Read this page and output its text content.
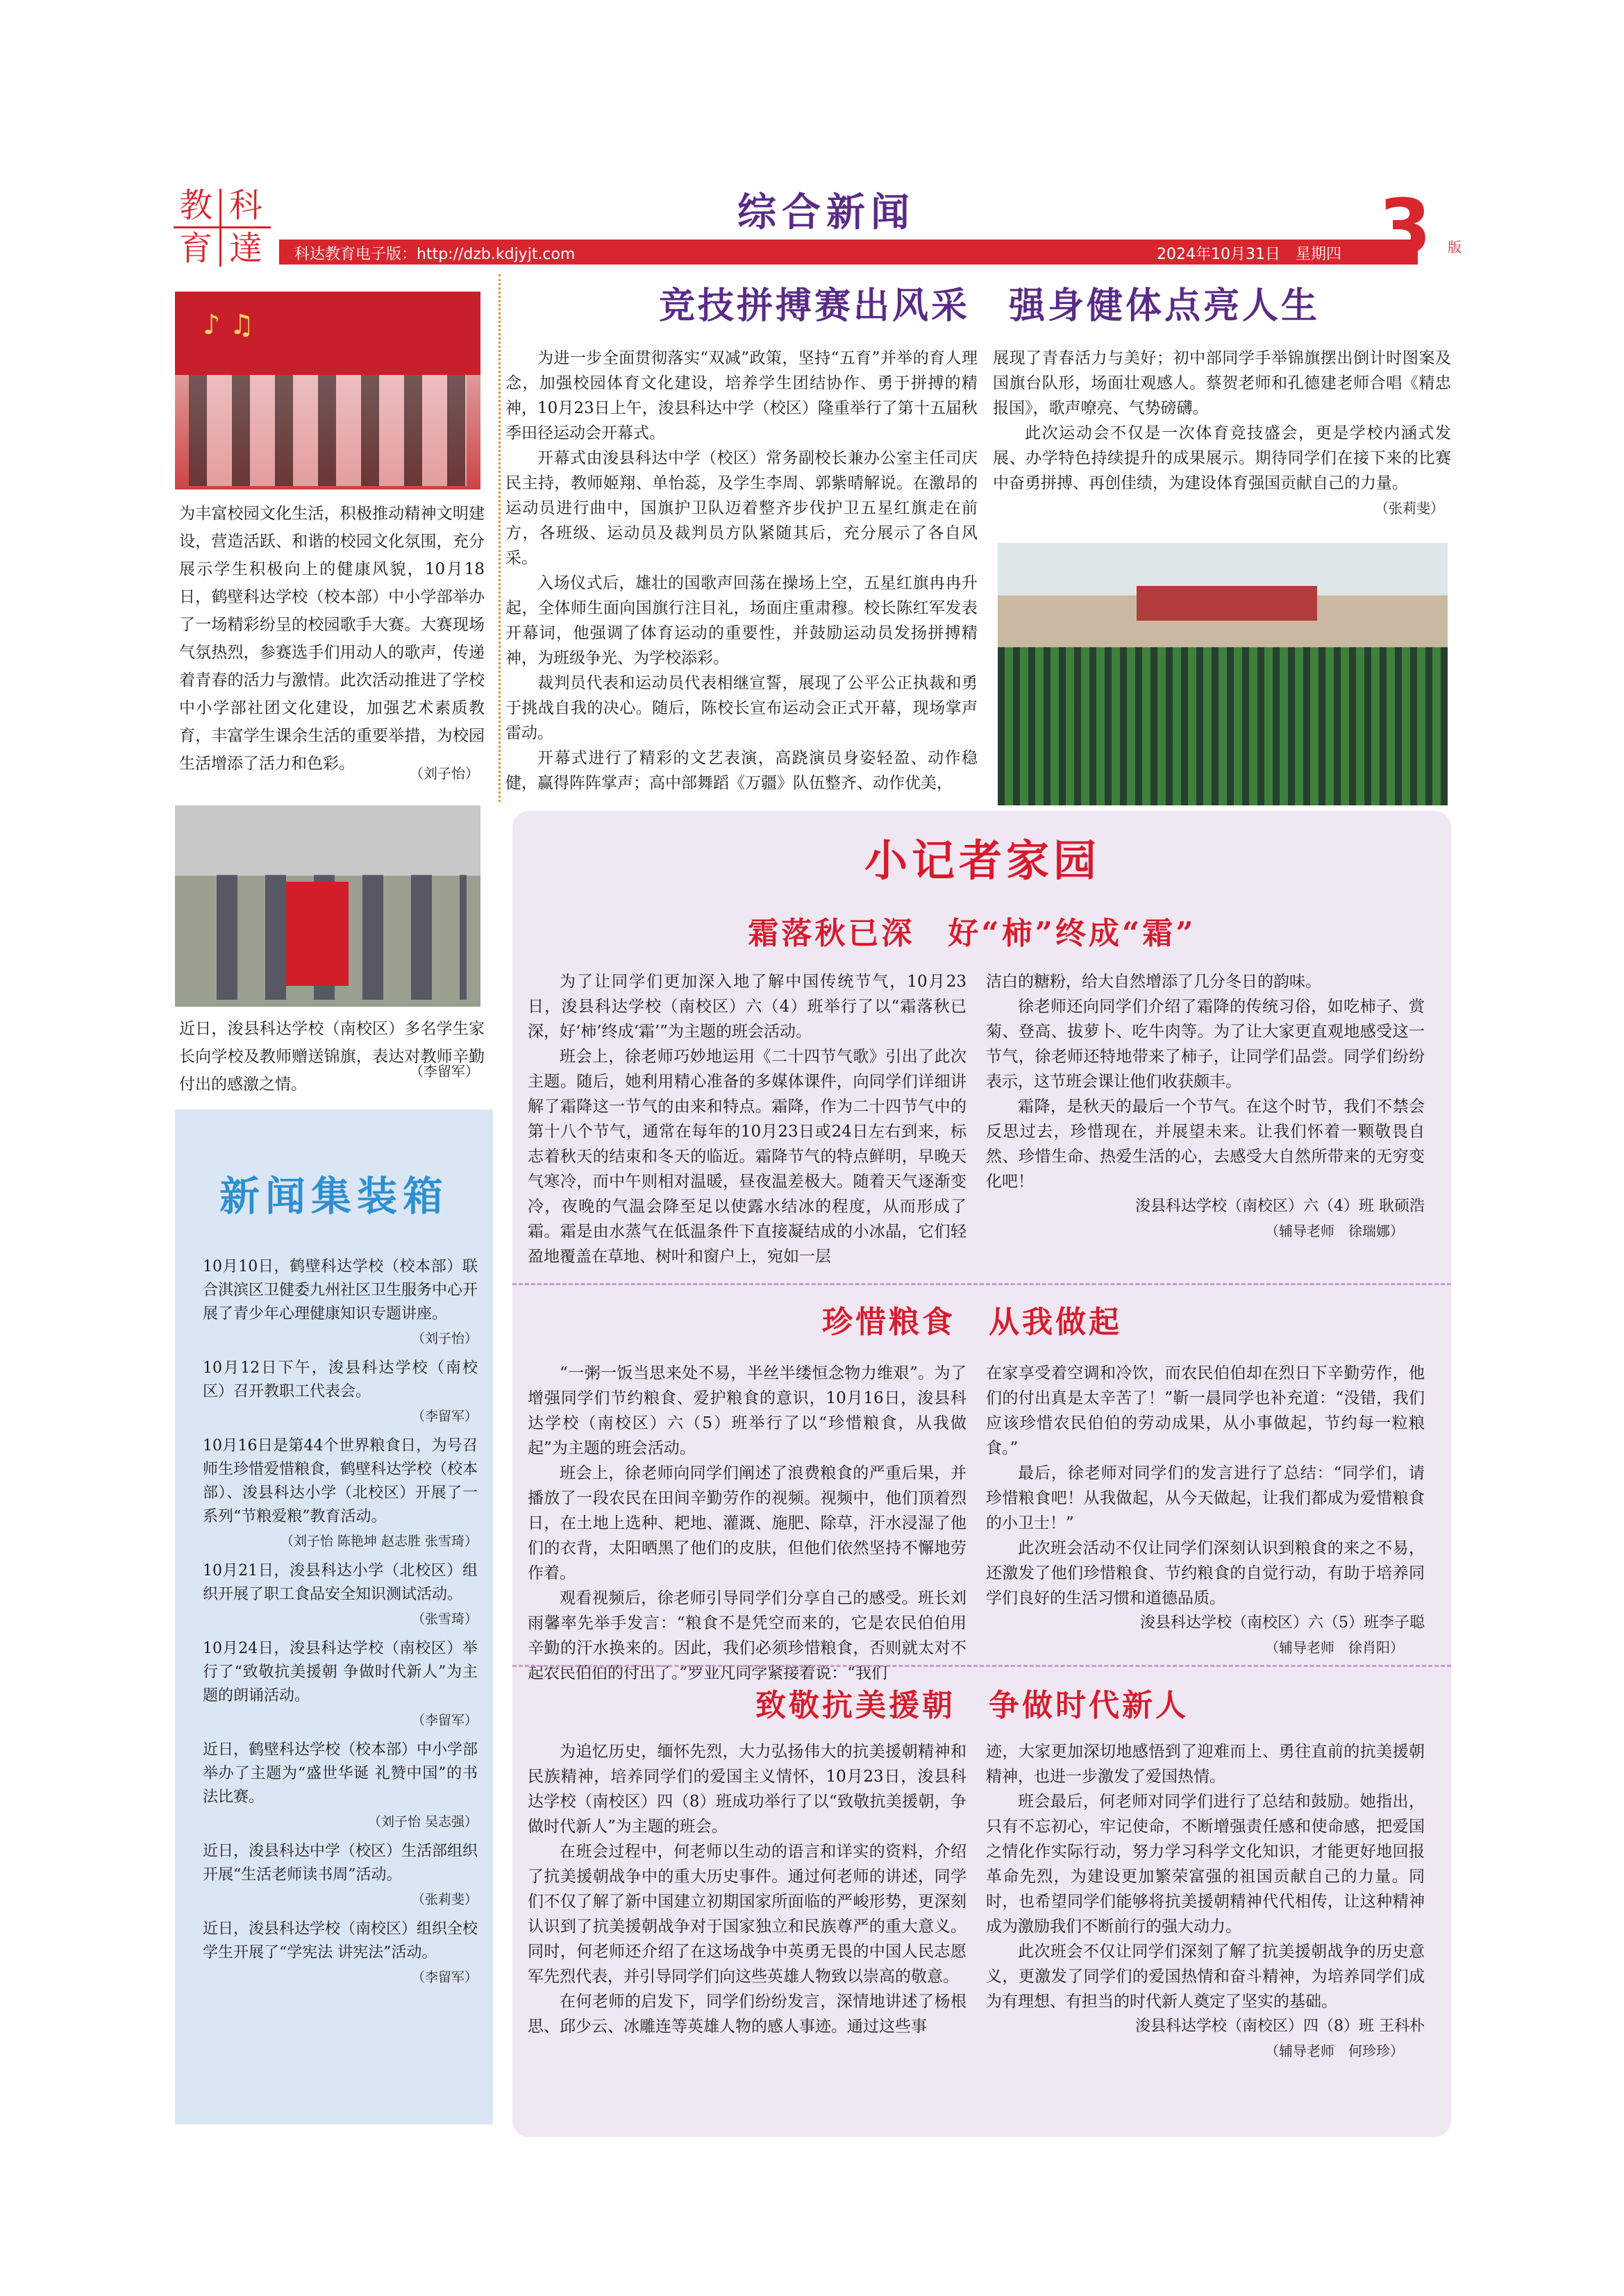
教 科
育 達
综合新闻
科达教育电子版：http://dzb.kdjyjt.com	2024年10月31日　星期四 3 版
♪ ♫
为丰富校园文化生活，积极推动精神文明建设，营造活跃、和谐的校园文化氛围，充分展示学生积极向上的健康风貌，10月18日，鹤壁科达学校（校本部）中小学部举办了一场精彩纷呈的校园歌手大赛。大赛现场气氛热烈，参赛选手们用动人的歌声，传递着青春的活力与激情。此次活动推进了学校中小学部社团文化建设，加强艺术素质教育，丰富学生课余生活的重要举措，为校园生活增添了活力和色彩。
（刘子怡）
近日，浚县科达学校（南校区）多名学生家长向学校及教师赠送锦旗，表达对教师辛勤付出的感激之情。
（李留军）
新闻集装箱
10月10日，鹤壁科达学校（校本部）联合淇滨区卫健委九州社区卫生服务中心开展了青少年心理健康知识专题讲座。
（刘子怡）
10月12日下午，浚县科达学校（南校区）召开教职工代表会。
（李留军）
10月16日是第44个世界粮食日，为号召师生珍惜爱惜粮食，鹤壁科达学校（校本部）、浚县科达小学（北校区）开展了一系列“节粮爱粮”教育活动。
（刘子怡 陈艳坤 赵志胜 张雪琦）
10月21日，浚县科达小学（北校区）组织开展了职工食品安全知识测试活动。
（张雪琦）
10月24日，浚县科达学校（南校区）举行了“致敬抗美援朝 争做时代新人”为主题的朗诵活动。
（李留军）
近日，鹤壁科达学校（校本部）中小学部举办了主题为“盛世华诞 礼赞中国”的书法比赛。
（刘子怡 吴志强）
近日，浚县科达中学（校区）生活部组织开展“生活老师读书周”活动。
（张莉斐）
近日，浚县科达学校（南校区）组织全校学生开展了“学宪法 讲宪法”活动。
（李留军）
竞技拼搏赛出风采　强身健体点亮人生

为进一步全面贯彻落实“双减”政策，坚持“五育”并举的育人理念，加强校园体育文化建设，培养学生团结协作、勇于拼搏的精神，10月23日上午，浚县科达中学（校区）隆重举行了第十五届秋季田径运动会开幕式。

开幕式由浚县科达中学（校区）常务副校长兼办公室主任司庆民主持，教师姬翔、单怡蕊，及学生李周、郭紫晴解说。在激昂的运动员进行曲中，国旗护卫队迈着整齐步伐护卫五星红旗走在前方，各班级、运动员及裁判员方队紧随其后，充分展示了各自风采。

入场仪式后，雄壮的国歌声回荡在操场上空，五星红旗冉冉升起，全体师生面向国旗行注目礼，场面庄重肃穆。校长陈红军发表开幕词，他强调了体育运动的重要性，并鼓励运动员发扬拼搏精神，为班级争光、为学校添彩。

裁判员代表和运动员代表相继宣誓，展现了公平公正执裁和勇于挑战自我的决心。随后，陈校长宣布运动会正式开幕，现场掌声雷动。

开幕式进行了精彩的文艺表演，高跷演员身姿轻盈、动作稳健，赢得阵阵掌声；高中部舞蹈《万疆》队伍整齐、动作优美，

展现了青春活力与美好；初中部同学手举锦旗摆出倒计时图案及国旗台队形，场面壮观感人。蔡贺老师和孔德建老师合唱《精忠报国》，歌声嘹亮、气势磅礴。

此次运动会不仅是一次体育竞技盛会，更是学校内涵式发展、办学特色持续提升的成果展示。期待同学们在接下来的比赛中奋勇拼搏、再创佳绩，为建设体育强国贡献自己的力量。

（张莉斐）
小记者家园
霜落秋已深　好“柿”终成“霜”

为了让同学们更加深入地了解中国传统节气，10月23日，浚县科达学校（南校区）六（4）班举行了以“霜落秋已深，好‘柿’终成‘霜’”为主题的班会活动。

班会上，徐老师巧妙地运用《二十四节气歌》引出了此次主题。随后，她利用精心准备的多媒体课件，向同学们详细讲解了霜降这一节气的由来和特点。霜降，作为二十四节气中的第十八个节气，通常在每年的10月23日或24日左右到来，标志着秋天的结束和冬天的临近。霜降节气的特点鲜明，早晚天气寒冷，而中午则相对温暖，昼夜温差极大。随着天气逐渐变冷，夜晚的气温会降至足以使露水结冰的程度，从而形成了霜。霜是由水蒸气在低温条件下直接凝结成的小冰晶，它们轻盈地覆盖在草地、树叶和窗户上，宛如一层

洁白的糖粉，给大自然增添了几分冬日的韵味。

徐老师还向同学们介绍了霜降的传统习俗，如吃柿子、赏菊、登高、拔萝卜、吃牛肉等。为了让大家更直观地感受这一节气，徐老师还特地带来了柿子，让同学们品尝。同学们纷纷表示，这节班会课让他们收获颇丰。

霜降，是秋天的最后一个节气。在这个时节，我们不禁会反思过去，珍惜现在，并展望未来。让我们怀着一颗敬畏自然、珍惜生命、热爱生活的心，去感受大自然所带来的无穷变化吧！

浚县科达学校（南校区）六（4）班 耿硕浩
（辅导老师　徐瑞娜）
珍惜粮食　从我做起

“一粥一饭当思来处不易，半丝半缕恒念物力维艰”。为了增强同学们节约粮食、爱护粮食的意识，10月16日，浚县科达学校（南校区）六（5）班举行了以“珍惜粮食，从我做起”为主题的班会活动。

班会上，徐老师向同学们阐述了浪费粮食的严重后果，并播放了一段农民在田间辛勤劳作的视频。视频中，他们顶着烈日，在土地上选种、耙地、灌溉、施肥、除草，汗水浸湿了他们的衣背，太阳晒黑了他们的皮肤，但他们依然坚持不懈地劳作着。

观看视频后，徐老师引导同学们分享自己的感受。班长刘雨馨率先举手发言：“粮食不是凭空而来的，它是农民伯伯用辛勤的汗水换来的。因此，我们必须珍惜粮食，否则就太对不起农民伯伯的付出了。”罗业凡同学紧接着说：“我们

在家享受着空调和冷饮，而农民伯伯却在烈日下辛勤劳作，他们的付出真是太辛苦了！”靳一晨同学也补充道：“没错，我们应该珍惜农民伯伯的劳动成果，从小事做起，节约每一粒粮食。”

最后，徐老师对同学们的发言进行了总结：“同学们，请珍惜粮食吧！从我做起，从今天做起，让我们都成为爱惜粮食的小卫士！”

此次班会活动不仅让同学们深刻认识到粮食的来之不易，还激发了他们珍惜粮食、节约粮食的自觉行动，有助于培养同学们良好的生活习惯和道德品质。

浚县科达学校（南校区）六（5）班李子聪
（辅导老师　徐肖阳）
致敬抗美援朝　争做时代新人

为追忆历史，缅怀先烈，大力弘扬伟大的抗美援朝精神和民族精神，培养同学们的爱国主义情怀，10月23日，浚县科达学校（南校区）四（8）班成功举行了以“致敬抗美援朝，争做时代新人”为主题的班会。

在班会过程中，何老师以生动的语言和详实的资料，介绍了抗美援朝战争中的重大历史事件。通过何老师的讲述，同学们不仅了解了新中国建立初期国家所面临的严峻形势，更深刻认识到了抗美援朝战争对于国家独立和民族尊严的重大意义。同时，何老师还介绍了在这场战争中英勇无畏的中国人民志愿军先烈代表，并引导同学们向这些英雄人物致以崇高的敬意。

在何老师的启发下，同学们纷纷发言，深情地讲述了杨根思、邱少云、冰雕连等英雄人物的感人事迹。通过这些事

迹，大家更加深切地感悟到了迎难而上、勇往直前的抗美援朝精神，也进一步激发了爱国热情。

班会最后，何老师对同学们进行了总结和鼓励。她指出，只有不忘初心，牢记使命，不断增强责任感和使命感，把爱国之情化作实际行动，努力学习科学文化知识，才能更好地回报革命先烈，为建设更加繁荣富强的祖国贡献自己的力量。同时，也希望同学们能够将抗美援朝精神代代相传，让这种精神成为激励我们不断前行的强大动力。

此次班会不仅让同学们深刻了解了抗美援朝战争的历史意义，更激发了同学们的爱国热情和奋斗精神，为培养同学们成为有理想、有担当的时代新人奠定了坚实的基础。

浚县科达学校（南校区）四（8）班 王科朴
（辅导老师　何珍珍）
